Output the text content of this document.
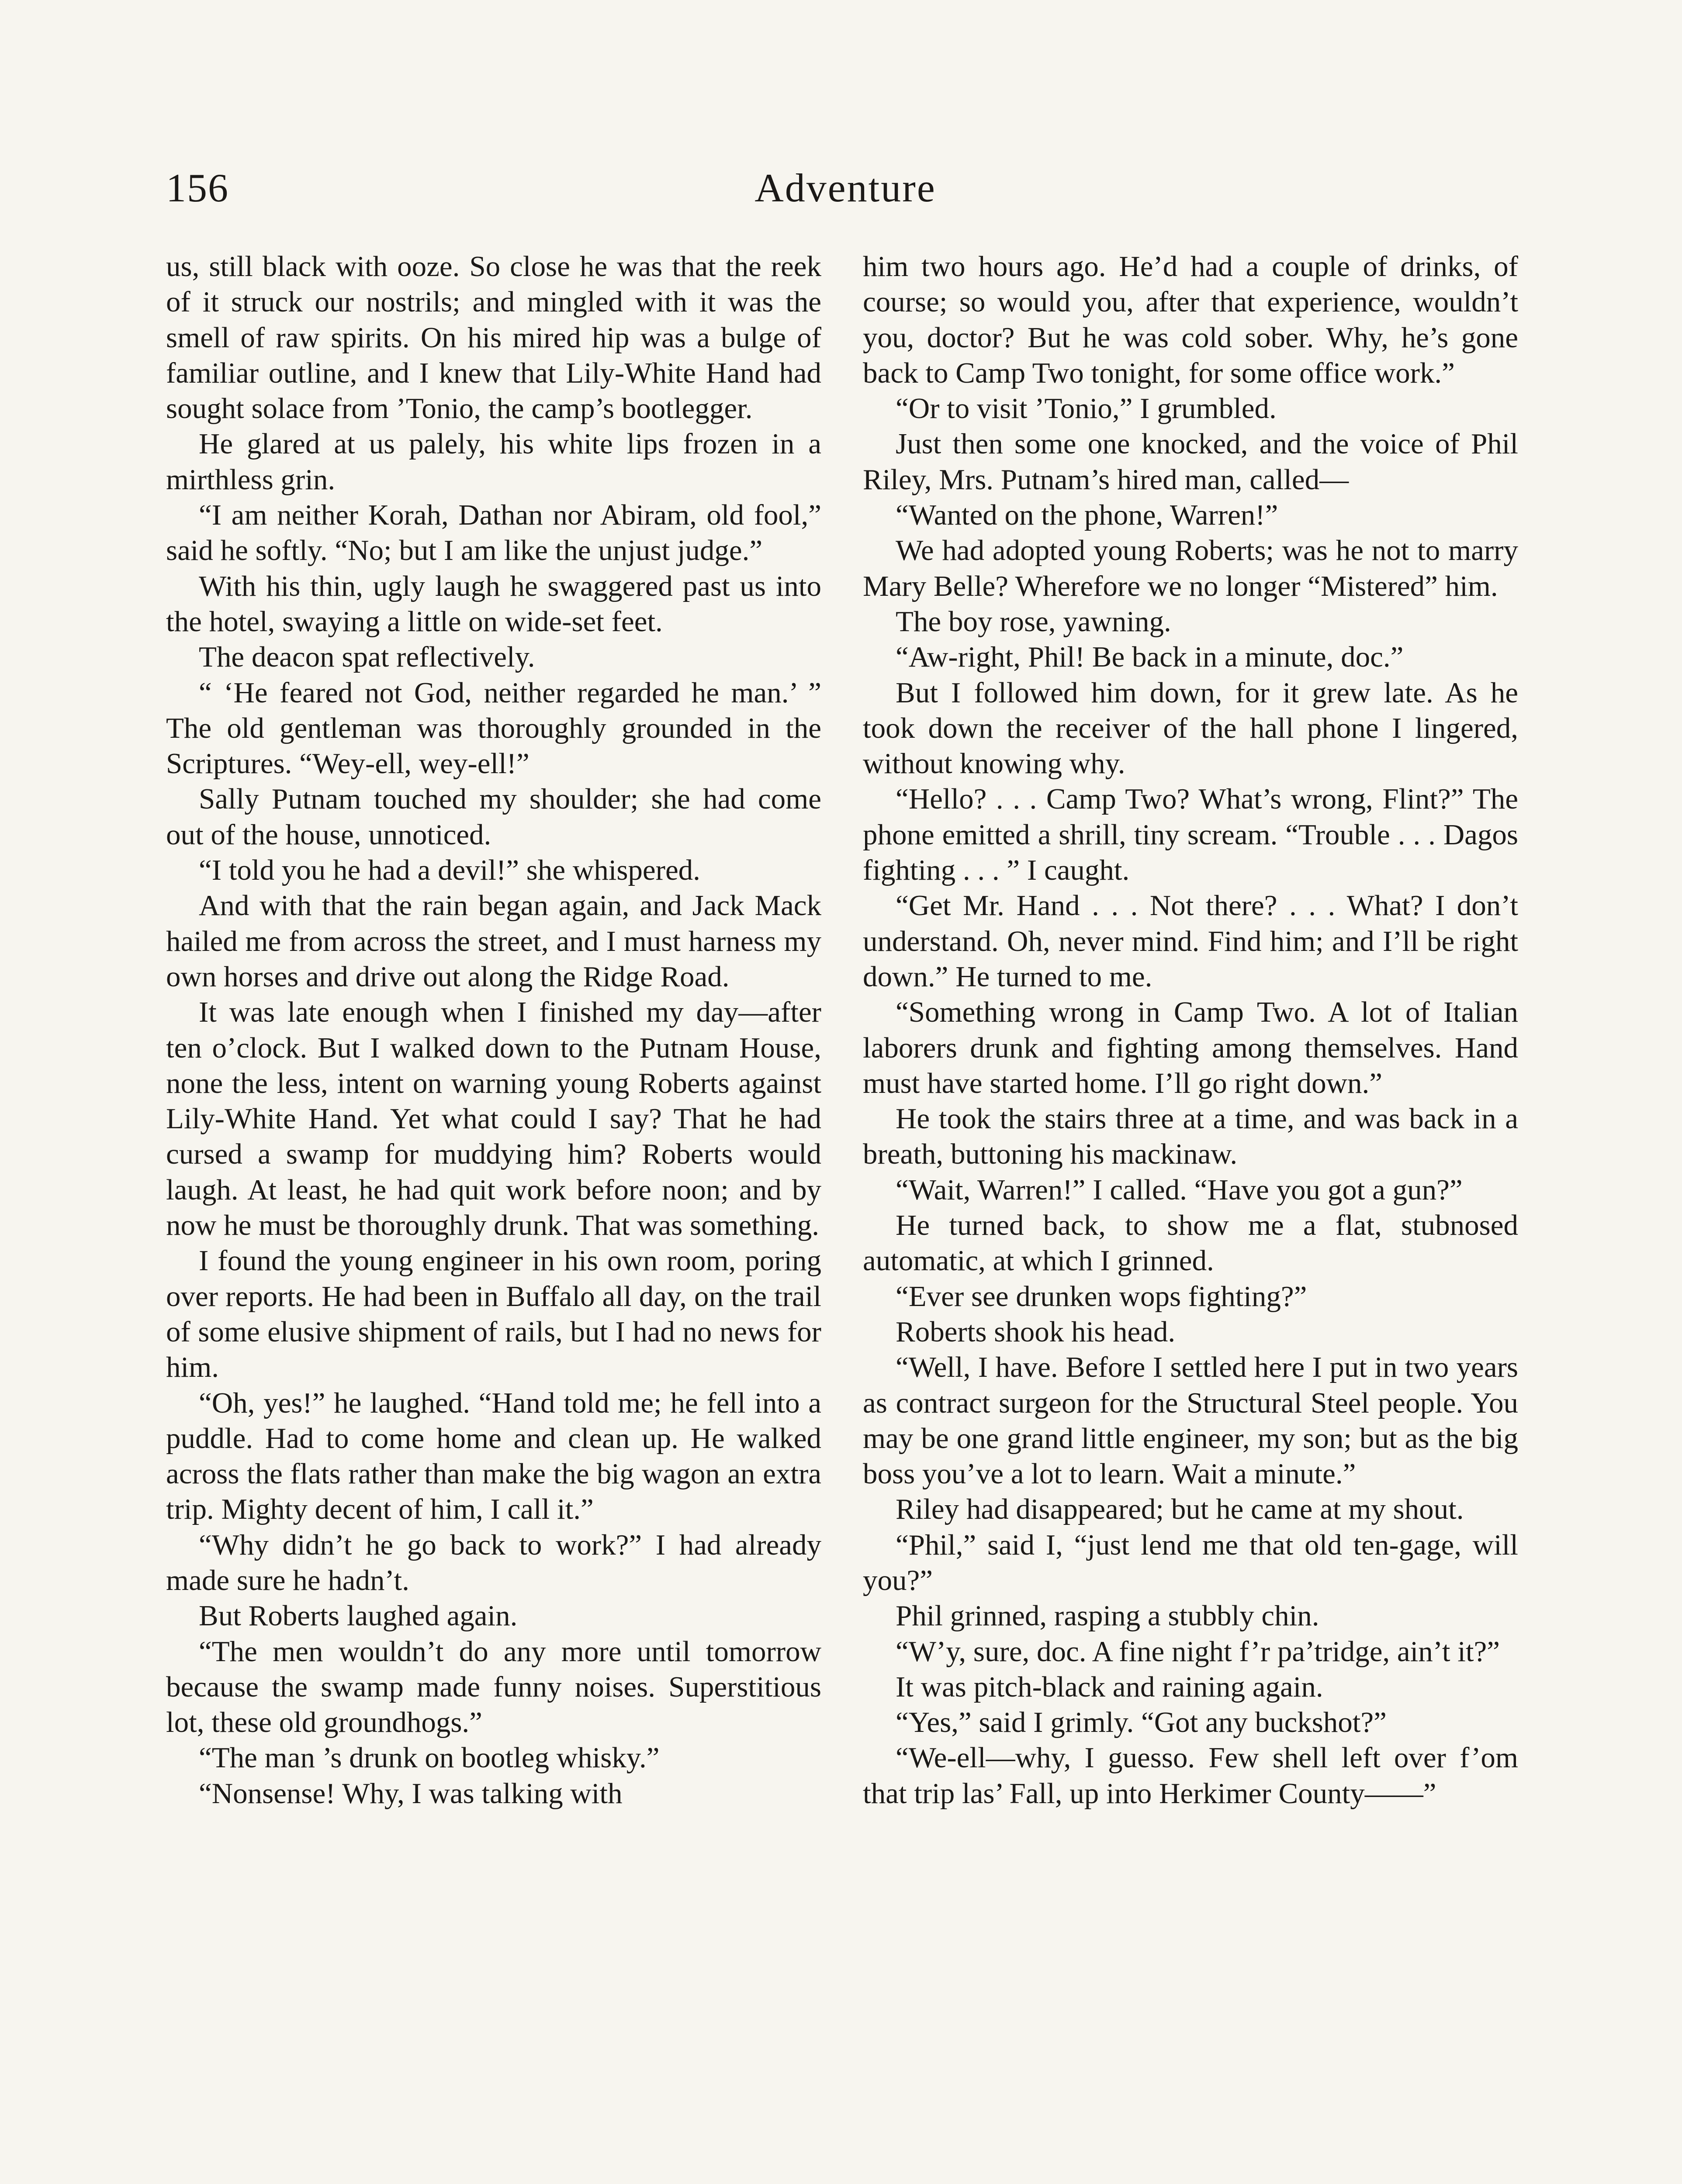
156	Adventure

us, still black with ooze. So close he was that the reek of it struck our nostrils; and mingled with it was the smell of raw spirits. On his mired hip was a bulge of familiar outline, and I knew that Lily-White Hand had sought solace from ’Tonio, the camp’s bootlegger.

He glared at us palely, his white lips frozen in a mirthless grin.

“I am neither Korah, Dathan nor Abiram, old fool,” said he softly. “No; but I am like the unjust judge.”

With his thin, ugly laugh he swaggered past us into the hotel, swaying a little on wide-set feet.

The deacon spat reflectively.

“ ‘He feared not God, neither regarded he man.’ ” The old gentleman was thoroughly grounded in the Scriptures. “Wey-ell, wey-ell!”

Sally Putnam touched my shoulder; she had come out of the house, unnoticed.

“I told you he had a devil!” she whispered.

And with that the rain began again, and Jack Mack hailed me from across the street, and I must harness my own horses and drive out along the Ridge Road.

It was late enough when I finished my day—after ten o’clock. But I walked down to the Putnam House, none the less, intent on warning young Roberts against Lily-White Hand. Yet what could I say? That he had cursed a swamp for muddying him? Roberts would laugh. At least, he had quit work before noon; and by now he must be thoroughly drunk. That was something.

I found the young engineer in his own room, poring over reports. He had been in Buffalo all day, on the trail of some elusive shipment of rails, but I had no news for him.

“Oh, yes!” he laughed. “Hand told me; he fell into a puddle. Had to come home and clean up. He walked across the flats rather than make the big wagon an extra trip. Mighty decent of him, I call it.”

“Why didn’t he go back to work?” I had already made sure he hadn’t.

But Roberts laughed again.

“The men wouldn’t do any more until tomorrow because the swamp made funny noises. Superstitious lot, these old groundhogs.”

“The man ’s drunk on bootleg whisky.”

“Nonsense! Why, I was talking with

him two hours ago. He’d had a couple of drinks, of course; so would you, after that experience, wouldn’t you, doctor? But he was cold sober. Why, he’s gone back to Camp Two tonight, for some office work.”

“Or to visit ’Tonio,” I grumbled.

Just then some one knocked, and the voice of Phil Riley, Mrs. Putnam’s hired man, called—

“Wanted on the phone, Warren!”

We had adopted young Roberts; was he not to marry Mary Belle? Wherefore we no longer “Mistered” him.

The boy rose, yawning.

“Aw-right, Phil! Be back in a minute, doc.”

But I followed him down, for it grew late. As he took down the receiver of the hall phone I lingered, without knowing why.

“Hello? . . . Camp Two? What’s wrong, Flint?” The phone emitted a shrill, tiny scream. “Trouble . . . Dagos fighting . . . ” I caught.

“Get Mr. Hand . . . Not there? . . . What? I don’t understand. Oh, never mind. Find him; and I’ll be right down.” He turned to me.

“Something wrong in Camp Two. A lot of Italian laborers drunk and fighting among themselves. Hand must have started home. I’ll go right down.”

He took the stairs three at a time, and was back in a breath, buttoning his mackinaw.

“Wait, Warren!” I called. “Have you got a gun?”

He turned back, to show me a flat, stubnosed automatic, at which I grinned.

“Ever see drunken wops fighting?”

Roberts shook his head.

“Well, I have. Before I settled here I put in two years as contract surgeon for the Structural Steel people. You may be one grand little engineer, my son; but as the big boss you’ve a lot to learn. Wait a minute.”

Riley had disappeared; but he came at my shout.

“Phil,” said I, “just lend me that old ten-gage, will you?”

Phil grinned, rasping a stubbly chin.

“W’y, sure, doc. A fine night f’r pa’tridge, ain’t it?”

It was pitch-black and raining again.

“Yes,” said I grimly. “Got any buckshot?”

“We-ell—why, I guesso. Few shell left over f’om that trip las’ Fall, up into Herkimer County——”
